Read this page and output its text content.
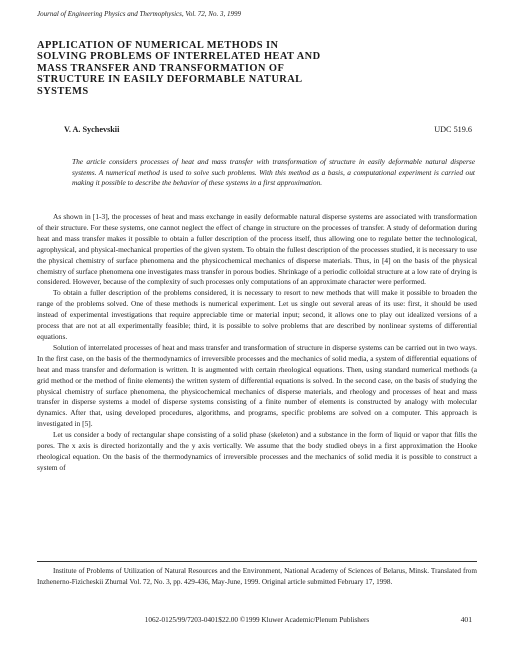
Journal of Engineering Physics and Thermophysics, Vol. 72, No. 3, 1999
APPLICATION OF NUMERICAL METHODS IN
SOLVING PROBLEMS OF INTERRELATED HEAT AND
MASS TRANSFER AND TRANSFORMATION OF
STRUCTURE IN EASILY DEFORMABLE NATURAL
SYSTEMS
V. A. Sychevskii	UDC 519.6
The article considers processes of heat and mass transfer with transformation of structure in easily deformable natural disperse systems. A numerical method is used to solve such problems. With this method as a basis, a computational experiment is carried out making it possible to describe the behavior of these systems in a first approximation.

As shown in [1-3], the processes of heat and mass exchange in easily deformable natural disperse systems are associated with transformation of their structure. For these systems, one cannot neglect the effect of change in structure on the processes of transfer. A study of deformation during heat and mass transfer makes it possible to obtain a fuller description of the process itself, thus allowing one to regulate better the technological, agrophysical, and physical-mechanical properties of the given system. To obtain the fullest description of the processes studied, it is necessary to use the physical chemistry of surface phenomena and the physicochemical mechanics of disperse materials. Thus, in [4] on the basis of the physical chemistry of surface phenomena one investigates mass transfer in porous bodies. Shrinkage of a periodic colloidal structure at a low rate of drying is considered. However, because of the complexity of such processes only computations of an approximate character were performed.

To obtain a fuller description of the problems considered, it is necessary to resort to new methods that will make it possible to broaden the range of the problems solved. One of these methods is numerical experiment. Let us single out several areas of its use: first, it should be used instead of experimental investigations that require appreciable time or material input; second, it allows one to play out idealized versions of a process that are not at all experimentally feasible; third, it is possible to solve problems that are described by nonlinear systems of differential equations.

Solution of interrelated processes of heat and mass transfer and transformation of structure in disperse systems can be carried out in two ways. In the first case, on the basis of the thermodynamics of irreversible processes and the mechanics of solid media, a system of differential equations of heat and mass transfer and deformation is written. It is augmented with certain rheological equations. Then, using standard numerical methods (a grid method or the method of finite elements) the written system of differential equations is solved. In the second case, on the basis of studying the physical chemistry of surface phenomena, the physicochemical mechanics of disperse materials, and rheology and processes of heat and mass transfer in disperse systems a model of disperse systems consisting of a finite number of elements is constructed by analogy with molecular dynamics. After that, using developed procedures, algorithms, and programs, specific problems are solved on a computer. This approach is investigated in [5].

Let us consider a body of rectangular shape consisting of a solid phase (skeleton) and a substance in the form of liquid or vapor that fills the pores. The x axis is directed horizontally and the y axis vertically. We assume that the body studied obeys in a first approximation the Hooke rheological equation. On the basis of the thermodynamics of irreversible processes and the mechanics of solid media it is possible to construct a system of

Institute of Problems of Utilization of Natural Resources and the Environment, National Academy of Sciences of Belarus, Minsk. Translated from Inzhenerno-Fizicheskii Zhurnal Vol. 72, No. 3, pp. 429-436, May-June, 1999. Original article submitted February 17, 1998.
1062-0125/99/7203-0401$22.00 ©1999 Kluwer Academic/Plenum Publishers	401
